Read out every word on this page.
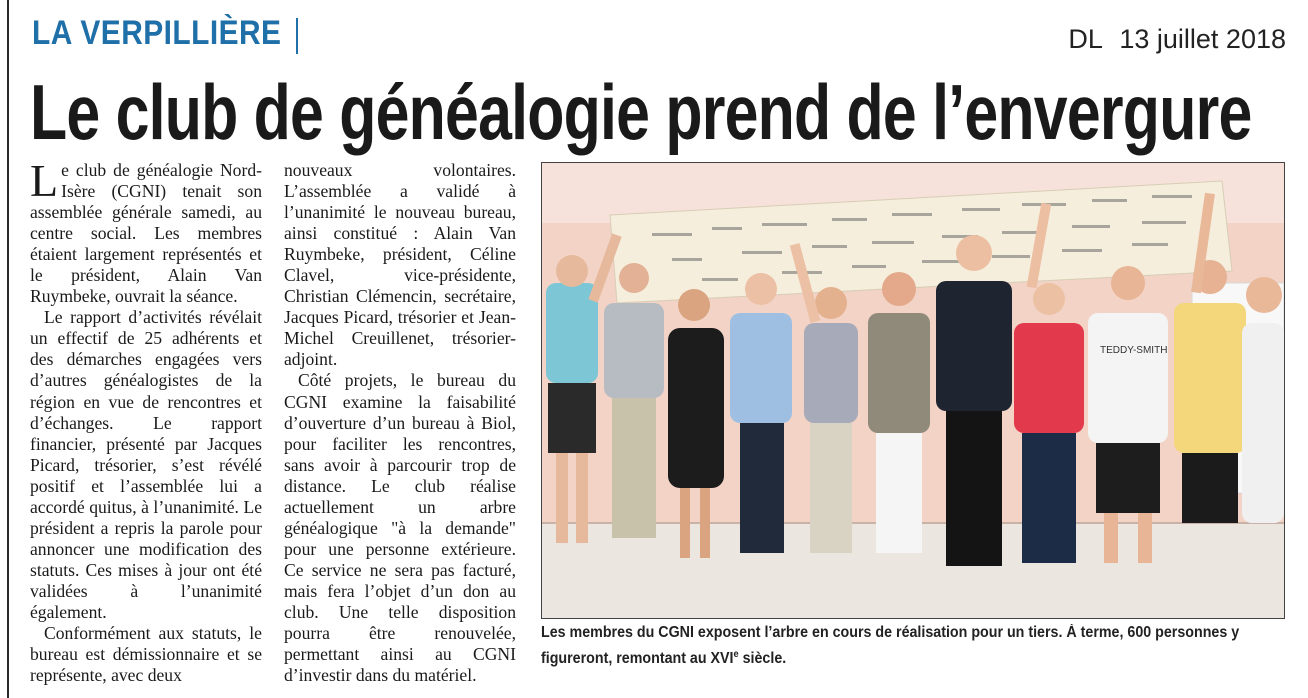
LA VERPILLIÈRE	DL 13 juillet 2018
Le club de généalogie prend de l’envergure

Le club de généalogie Nord-Isère (CGNI) tenait son assemblée générale samedi, au centre social. Les membres étaient largement représentés et le président, Alain Van Ruymbeke, ouvrait la séance.

Le rapport d’activités révélait un effectif de 25 adhérents et des démarches engagées vers d’autres généalogistes de la région en vue de rencontres et d’échanges. Le rapport financier, présenté par Jacques Picard, trésorier, s’est révélé positif et l’assemblée lui a accordé quitus, à l’unanimité. Le président a repris la parole pour annoncer une modification des statuts. Ces mises à jour ont été validées à l’unanimité également.

Conformément aux statuts, le bureau est démissionnaire et se représente, avec deux

nouveaux volontaires. L’assemblée a validé à l’unanimité le nouveau bureau, ainsi constitué : Alain Van Ruymbeke, président, Céline Clavel, vice-présidente, Christian Clémencin, secrétaire, Jacques Picard, trésorier et Jean-Michel Creuillenet, trésorier-adjoint.

Côté projets, le bureau du CGNI examine la faisabilité d’ouverture d’un bureau à Biol, pour faciliter les rencontres, sans avoir à parcourir trop de distance. Le club réalise actuellement un arbre généalogique "à la demande" pour une personne extérieure. Ce service ne sera pas facturé, mais fera l’objet d’un don au club. Une telle disposition pourra être renouvelée, permettant ainsi au CGNI d’investir dans du matériel.

TEDDY-SMITH
Les membres du CGNI exposent l’arbre en cours de réalisation pour un tiers. À terme, 600 personnes y figureront, remontant au XVIe siècle.
